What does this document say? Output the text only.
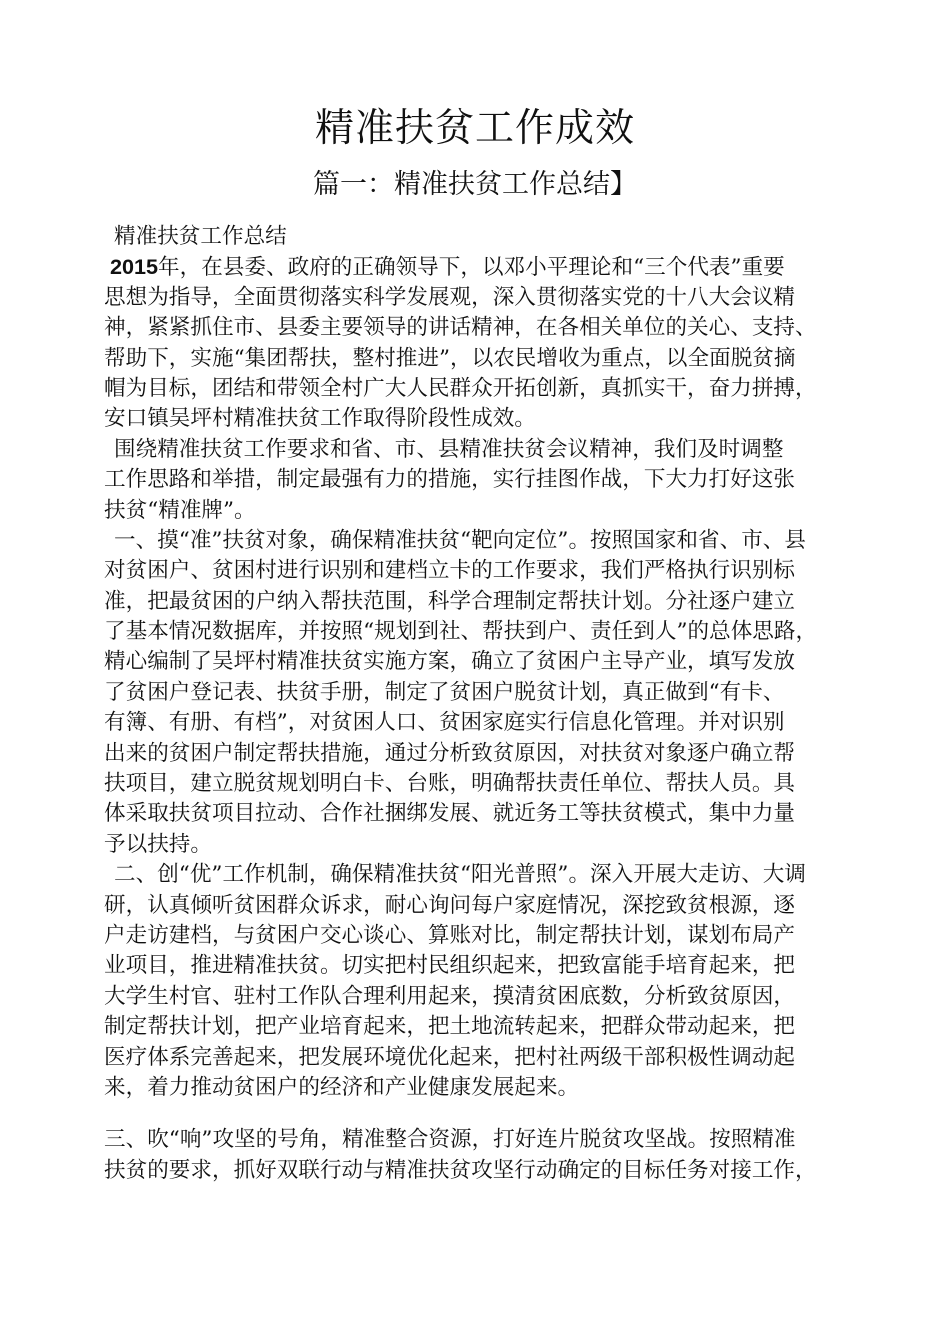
精准扶贫工作成效
篇一：精准扶贫工作总结】
精准扶贫工作总结
2015年，在县委、政府的正确领导下，以邓小平理论和“三个代表”重要
思想为指导，全面贯彻落实科学发展观，深入贯彻落实党的十八大会议精
神，紧紧抓住市、县委主要领导的讲话精神，在各相关单位的关心、支持、
帮助下，实施“集团帮扶，整村推进”，以农民增收为重点，以全面脱贫摘
帽为目标，团结和带领全村广大人民群众开拓创新，真抓实干，奋力拼搏，
安口镇吴坪村精准扶贫工作取得阶段性成效。
围绕精准扶贫工作要求和省、市、县精准扶贫会议精神，我们及时调整
工作思路和举措，制定最强有力的措施，实行挂图作战，下大力打好这张
扶贫“精准牌”。
一、摸“准”扶贫对象，确保精准扶贫“靶向定位”。按照国家和省、市、县
对贫困户、贫困村进行识别和建档立卡的工作要求，我们严格执行识别标
准，把最贫困的户纳入帮扶范围，科学合理制定帮扶计划。分社逐户建立
了基本情况数据库，并按照“规划到社、帮扶到户、责任到人”的总体思路，
精心编制了吴坪村精准扶贫实施方案，确立了贫困户主导产业，填写发放
了贫困户登记表、扶贫手册，制定了贫困户脱贫计划，真正做到“有卡、
有簿、有册、有档”，对贫困人口、贫困家庭实行信息化管理。并对识别
出来的贫困户制定帮扶措施，通过分析致贫原因，对扶贫对象逐户确立帮
扶项目，建立脱贫规划明白卡、台账，明确帮扶责任单位、帮扶人员。具
体采取扶贫项目拉动、合作社捆绑发展、就近务工等扶贫模式，集中力量
予以扶持。
二、创“优”工作机制，确保精准扶贫“阳光普照”。深入开展大走访、大调
研，认真倾听贫困群众诉求，耐心询问每户家庭情况，深挖致贫根源，逐
户走访建档，与贫困户交心谈心、算账对比，制定帮扶计划，谋划布局产
业项目，推进精准扶贫。切实把村民组织起来，把致富能手培育起来，把
大学生村官、驻村工作队合理利用起来，摸清贫困底数，分析致贫原因，
制定帮扶计划，把产业培育起来，把土地流转起来，把群众带动起来，把
医疗体系完善起来，把发展环境优化起来，把村社两级干部积极性调动起
来，着力推动贫困户的经济和产业健康发展起来。
三、吹“响”攻坚的号角，精准整合资源，打好连片脱贫攻坚战。按照精准
扶贫的要求，抓好双联行动与精准扶贫攻坚行动确定的目标任务对接工作，
